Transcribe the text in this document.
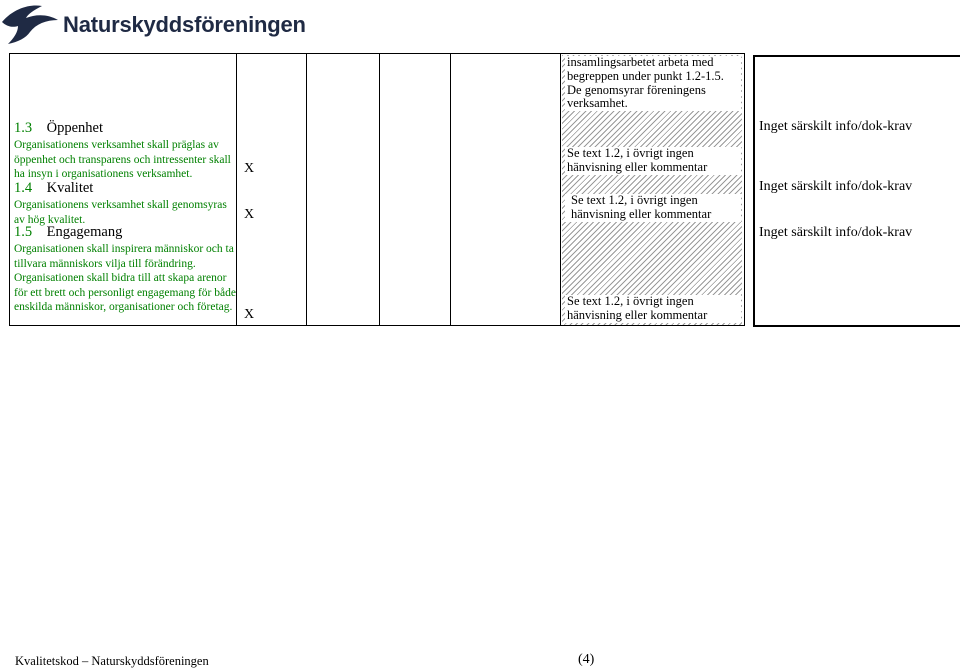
Naturskyddsföreningen
1.3 Öppenhet
Organisationens verksamhet skall präglas av öppenhet och transparens och intressenter skall ha insyn i organisationens verksamhet.
1.4 Kvalitet
Organisationens verksamhet skall genomsyras av hög kvalitet.
1.5 Engagemang
Organisationen skall inspirera människor och ta tillvara människors vilja till förändring. Organisationen skall bidra till att skapa arenor för ett brett och personligt engagemang för både enskilda människor, organisationer och företag.
X
X
X
insamlingsarbetet arbeta med begreppen under punkt 1.2-1.5. De genomsyrar föreningens verksamhet.
Se text 1.2, i övrigt ingen hänvisning eller kommentar
Se text 1.2, i övrigt ingen hänvisning eller kommentar
Se text 1.2, i övrigt ingen hänvisning eller kommentar
Inget särskilt info/dok-krav
Inget särskilt info/dok-krav
Inget särskilt info/dok-krav
Kvalitetskod – Naturskyddsföreningen	(4)
